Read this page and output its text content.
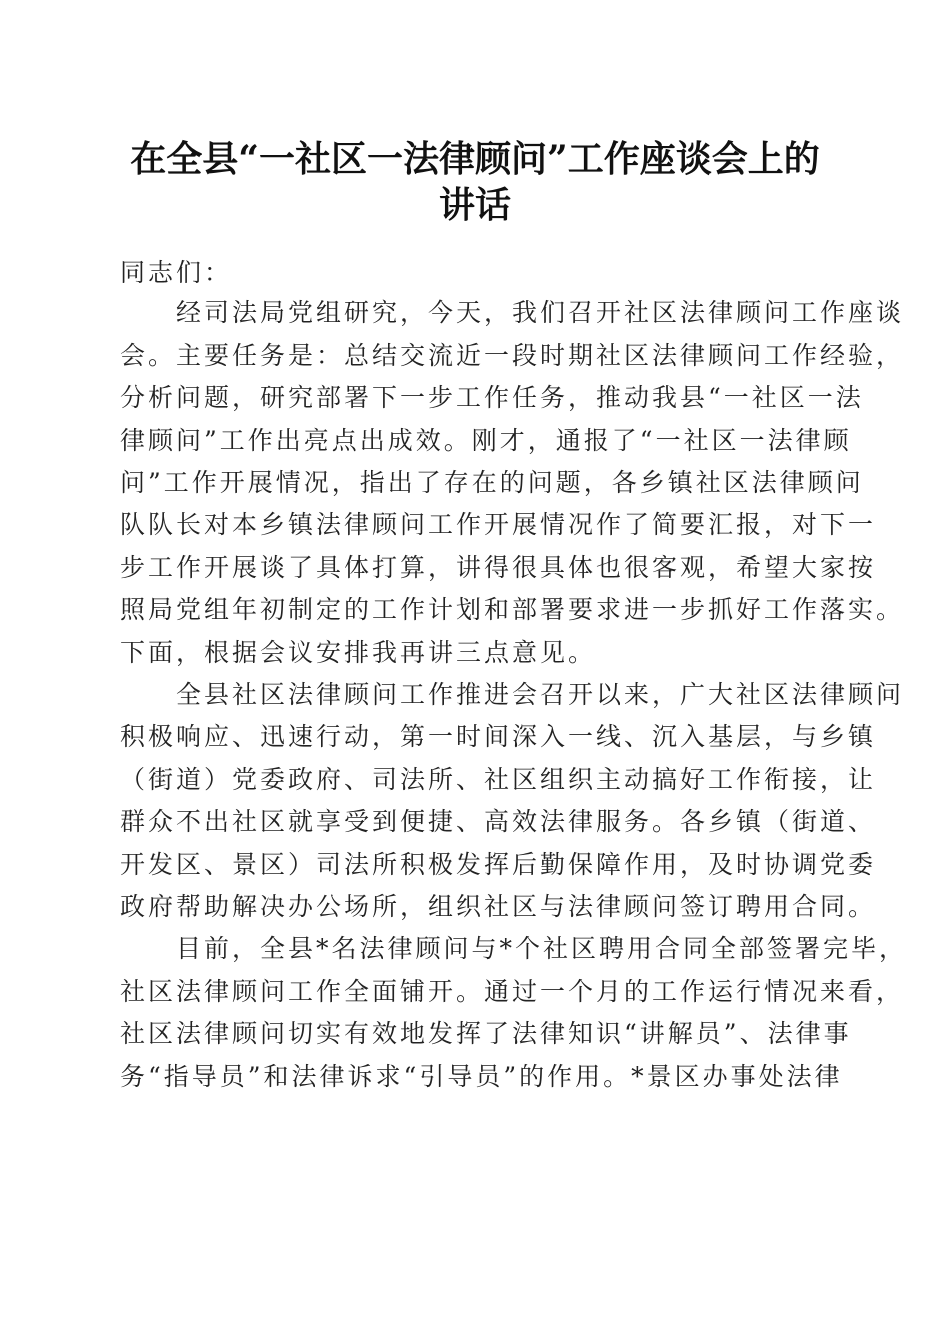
在全县“一社区一法律顾问”工作座谈会上的
讲话

同志们：

　　经司法局党组研究，今天，我们召开社区法律顾问工作座谈
会。主要任务是：总结交流近一段时期社区法律顾问工作经验，
分析问题，研究部署下一步工作任务，推动我县“一社区一法
律顾问”工作出亮点出成效。刚才，通报了“一社区一法律顾
问”工作开展情况，指出了存在的问题，各乡镇社区法律顾问
队队长对本乡镇法律顾问工作开展情况作了简要汇报，对下一
步工作开展谈了具体打算，讲得很具体也很客观，希望大家按
照局党组年初制定的工作计划和部署要求进一步抓好工作落实。
下面，根据会议安排我再讲三点意见。

　　全县社区法律顾问工作推进会召开以来，广大社区法律顾问
积极响应、迅速行动，第一时间深入一线、沉入基层，与乡镇
（街道）党委政府、司法所、社区组织主动搞好工作衔接，让
群众不出社区就享受到便捷、高效法律服务。各乡镇（街道、
开发区、景区）司法所积极发挥后勤保障作用，及时协调党委
政府帮助解决办公场所，组织社区与法律顾问签订聘用合同。

　　目前，全县*名法律顾问与*个社区聘用合同全部签署完毕，
社区法律顾问工作全面铺开。通过一个月的工作运行情况来看，
社区法律顾问切实有效地发挥了法律知识“讲解员”、法律事
务“指导员”和法律诉求“引导员”的作用。*景区办事处法律
